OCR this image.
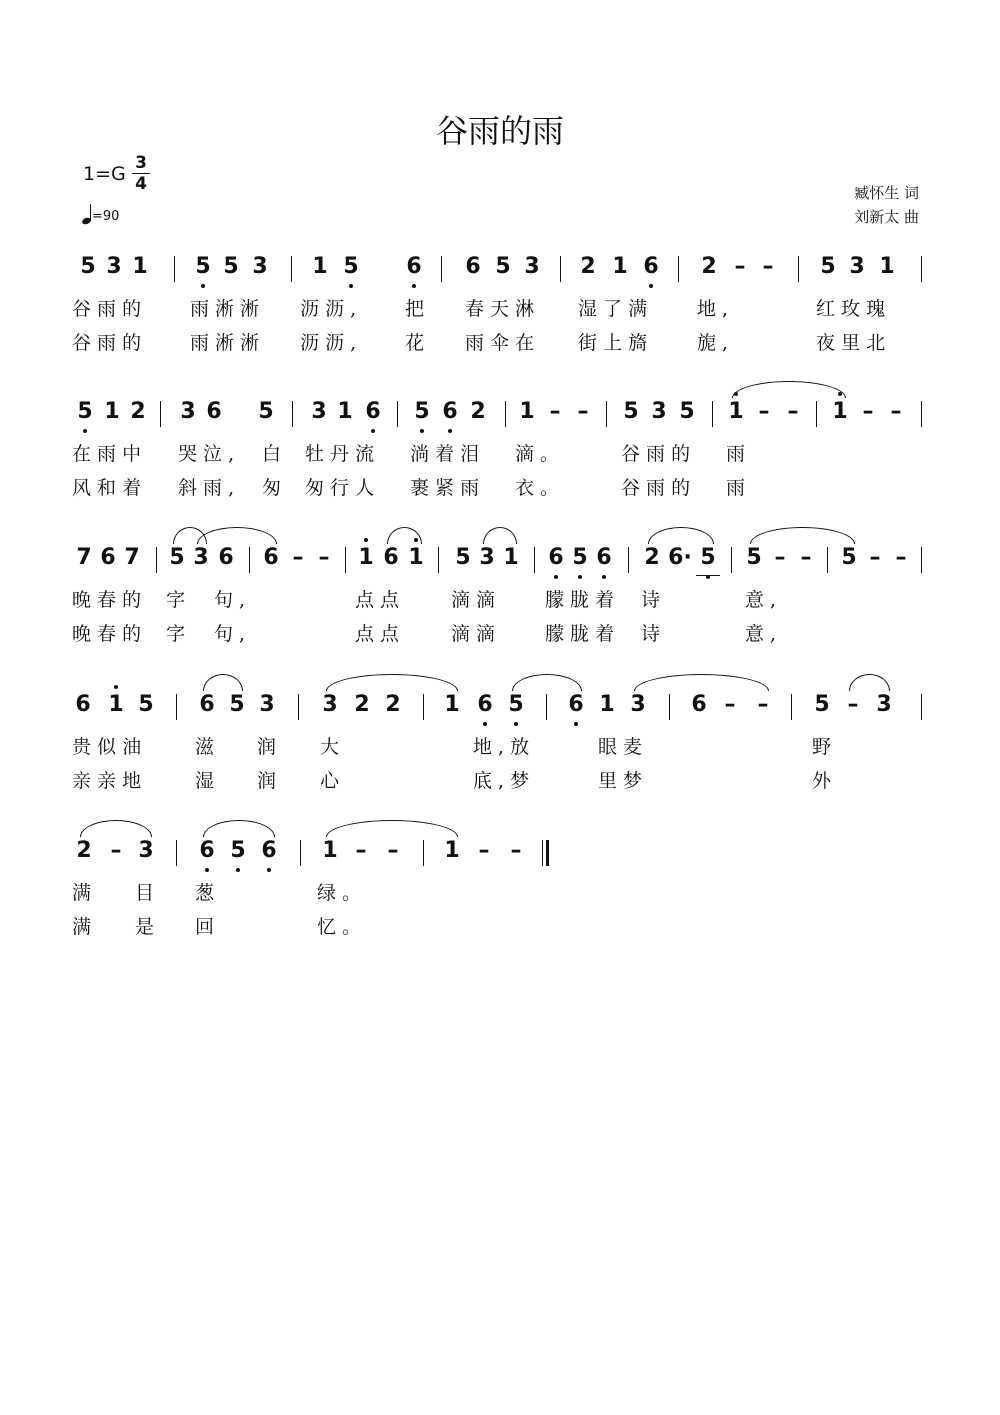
谷雨的雨
1=G 3
4
=90
臧怀生 词
刘新太 曲
5 3 1 5 5 3 1 5 6 6 5 3 2 1 6 2 – –	5 3 1
谷 雨 的	雨 淅 淅 沥 沥 ,	把 春 天 淋 湿 了 满	地 ,	红 玫 瑰
谷 雨 的	雨 淅 淅 沥 沥 ,	花 雨 伞 在 街 上 旖	旎 ,	夜 里 北
5 1 2 3 6 5 3 1 6 5 6 2 1 – –	5 3 5 1 – –	1 – –
在 雨 中 哭 泣 , 白 牡 丹 流 淌 着 泪 滴 。	谷 雨 的 雨
风 和 着 斜 雨 , 匆 匆 行 人 裹 紧 雨 衣 。	谷 雨 的 雨
7 6 7 5 3 6 6 – –	1 6 1 5 3 1 6 5 6 2 6· 5 5 – –	5 – –
晚 春 的 字 句 ,	点 点	滴 滴	朦 胧 着 诗	意 ,
晚 春 的 字 句 ,	点 点	滴 滴	朦 胧 着 诗	意 ,
6 1 5 6 5 3 3 2 2 1 6 5 6 1 3 6 –	–	5 – 3
贵 似 油	滋 润 大	地 , 放	眼 麦	野
亲 亲 地	湿 润 心	底 , 梦	里 梦	外
2 – 3 6 5 6 1 – –	1 – –
满 目 葱	绿 。
满 是 回	忆 。
